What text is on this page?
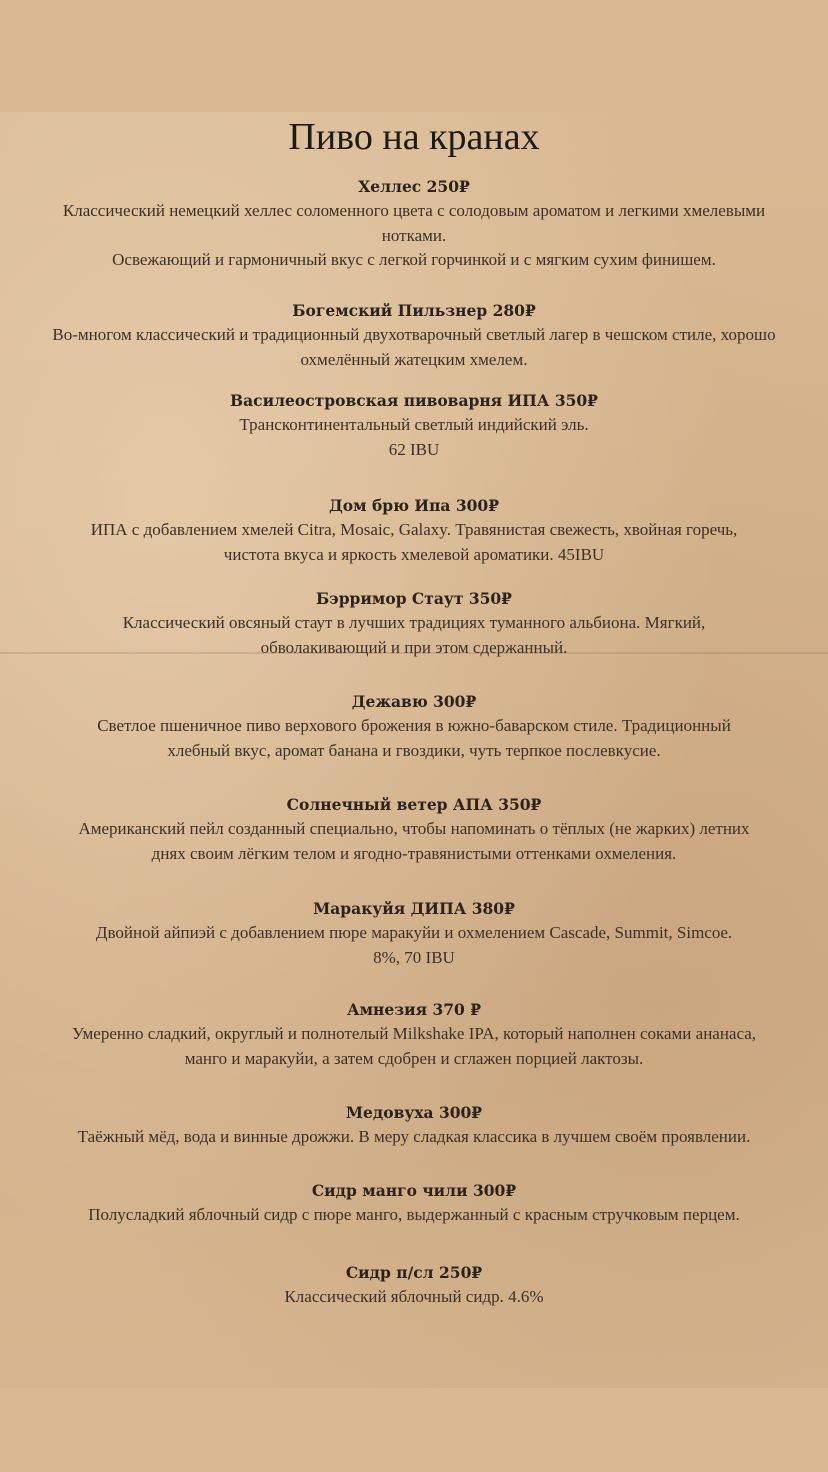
Пиво на кранах
Хеллес 250₽
Классический немецкий хеллес соломенного цвета с солодовым ароматом и легкими хмелевыми
нотками.
Освежающий и гармоничный вкус с легкой горчинкой и с мягким сухим финишем.
Богемский Пильзнер 280₽
Во-многом классический и традиционный двухотварочный светлый лагер в чешском стиле, хорошо
охмелённый жатецким хмелем.
Василеостровская пивоварня ИПА 350₽
Трансконтинентальный светлый индийский эль.
62 IBU
Дом брю Ипа 300₽
ИПА с добавлением хмелей Citra, Mosaic, Galaxy. Травянистая свежесть, хвойная горечь,
чистота вкуса и яркость хмелевой ароматики. 45IBU
Бэрримор Стаут 350₽
Классический овсяный стаут в лучших традициях туманного альбиона. Мягкий,
обволакивающий и при этом сдержанный.
Дежавю 300₽
Светлое пшеничное пиво верхового брожения в южно-баварском стиле. Традиционный
хлебный вкус, аромат банана и гвоздики, чуть терпкое послевкусие.
Солнечный ветер АПА 350₽
Американский пейл созданный специально, чтобы напоминать о тёплых (не жарких) летних
днях своим лёгким телом и ягодно-травянистыми оттенками охмеления.
Маракуйя ДИПА 380₽
Двойной айпиэй с добавлением пюре маракуйи и охмелением Cascade, Summit, Simcoe.
8%, 70 IBU
Амнезия 370 ₽
Умеренно сладкий, округлый и полнотелый Milkshake IPA, который наполнен соками ананаса,
манго и маракуйи, а затем сдобрен и сглажен порцией лактозы.
Медовуха 300₽
Таёжный мёд, вода и винные дрожжи. В меру сладкая классика в лучшем своём проявлении.
Сидр манго чили 300₽
Полусладкий яблочный сидр с пюре манго, выдержанный с красным стручковым перцем.
Сидр п/сл 250₽
Классический яблочный сидр. 4.6%
